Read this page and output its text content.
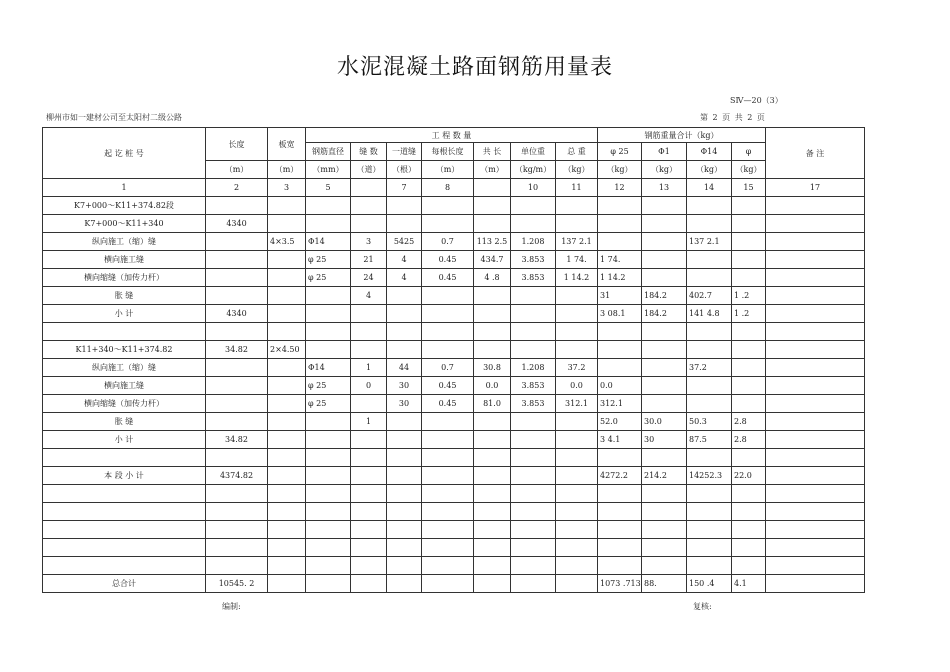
水泥混凝土路面钢筋用量表
SⅣ—20（3）
柳州市如一建材公司至太阳村二级公路	第 2 页 共 2 页
起 讫 桩 号	长度	板宽	工 程 数 量							钢筋重量合计（kg）				备 注
			钢筋直径	缝 数	一道缝	每根长度	共 长	单位重	总 重	φ 25	Φ1	Φ14	φ	
	（m）	（m）	（mm）	（道）	（根）	（m）	（m）	（kg/m）	（kg）	（kg）	（kg）	（kg）	（kg）	
1	2	3	5		7	8		10	11	12	13	14	15	17
K7+000～K11+374.82段														
K7+000～K11+340	4340													
纵向施工（缩）缝		4×3.5	Φ14	3	5425	0.7	113 2.5	1.208	137 2.1			137 2.1		
横向施工缝			φ 25	21	4	0.45	434.7	3.853	1 74.	1 74.				
横向缩缝（加传力杆）			φ 25	24	4	0.45	4 .8	3.853	1 14.2	1 14.2				
胀 缝				4						31	184.2	402.7	1 .2	
小 计	4340									3 08.1	184.2	141 4.8	1 .2	

K11+340～K11+374.82	34.82	2×4.50												
纵向施工（缩）缝			Φ14	1	44	0.7	30.8	1.208	37.2			37.2		
横向施工缝			φ 25	0	30	0.45	0.0	3.853	0.0	0.0				
横向缩缝（加传力杆）			φ 25		30	0.45	81.0	3.853	312.1	312.1				
胀 缝				1						52.0	30.0	50.3	2.8	
小 计	34.82									3 4.1	30	87.5	2.8	

本 段 小 计	4374.82									4272.2	214.2	14252.3	22.0	

总合计	10545. 2									1073 .713	88.	150 .4	4.1	
编制:	复核:
